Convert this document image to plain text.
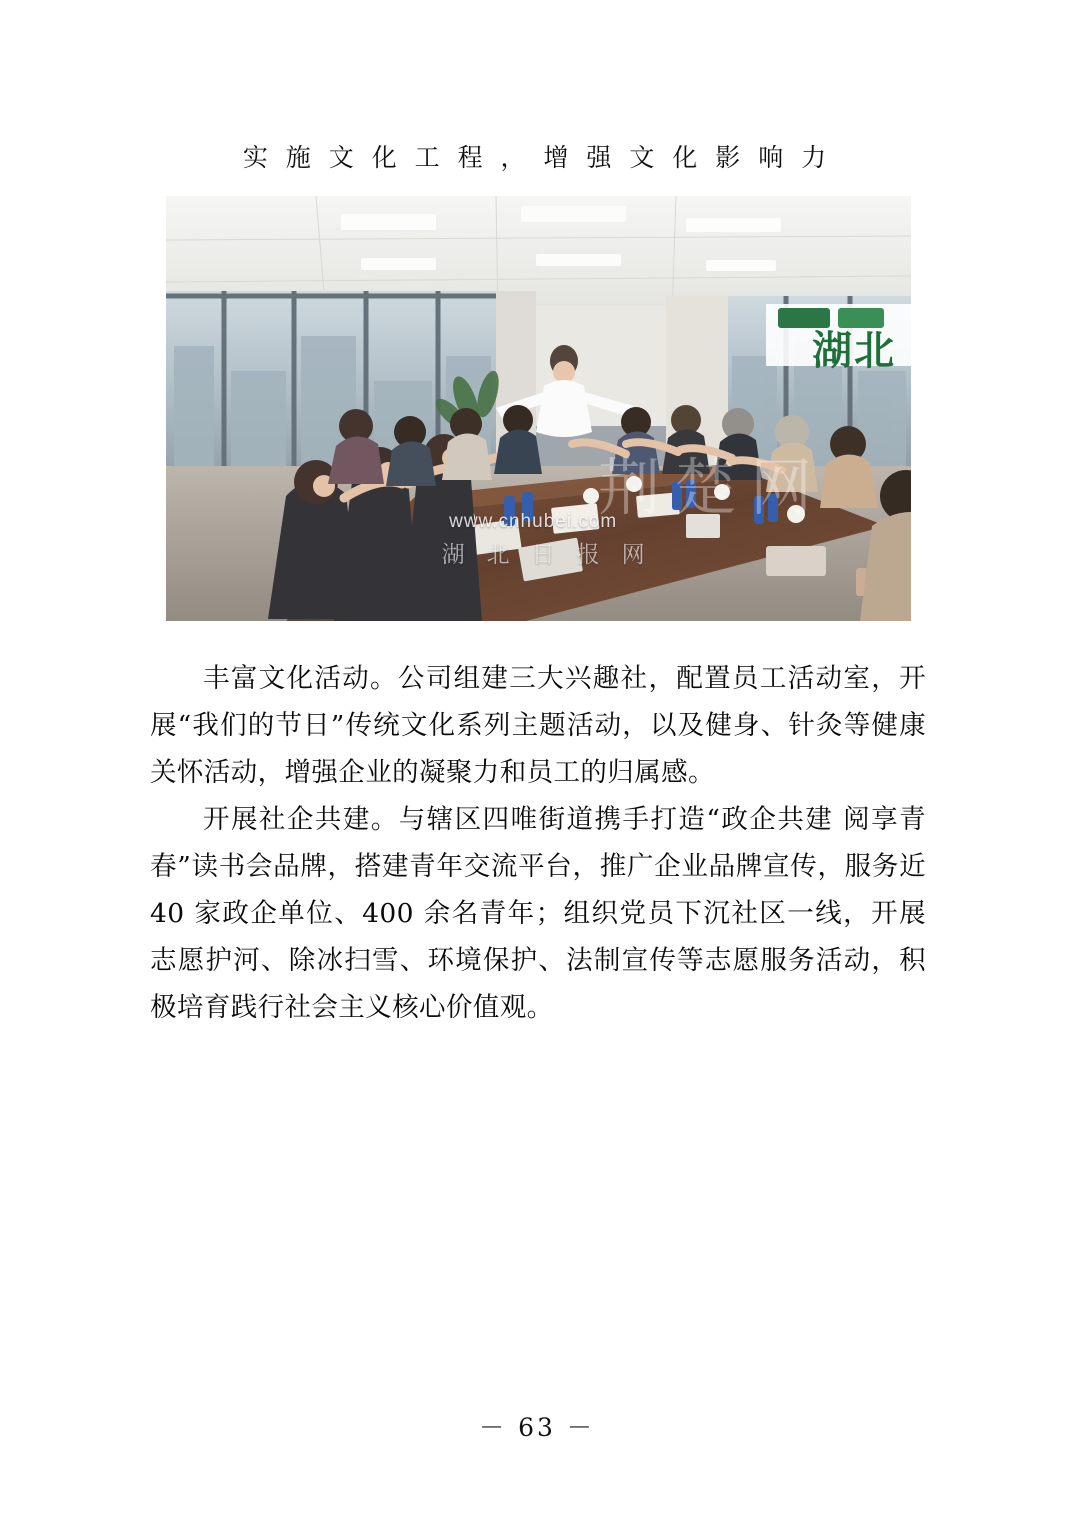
实 施 文 化 工 程 ， 增 强 文 化 影 响 力
湖北
荆楚网
www.cnhubei.com
湖北日报网

丰富文化活动。公司组建三大兴趣社，配置员工活动室，开展“我们的节日”传统文化系列主题活动，以及健身、针灸等健康关怀活动，增强企业的凝聚力和员工的归属感。

开展社企共建。与辖区四唯街道携手打造“政企共建 阅享青春”读书会品牌，搭建青年交流平台，推广企业品牌宣传，服务近 40 家政企单位、400 余名青年；组织党员下沉社区一线，开展志愿护河、除冰扫雪、环境保护、法制宣传等志愿服务活动，积极培育践行社会主义核心价值观。

－ 63 －
